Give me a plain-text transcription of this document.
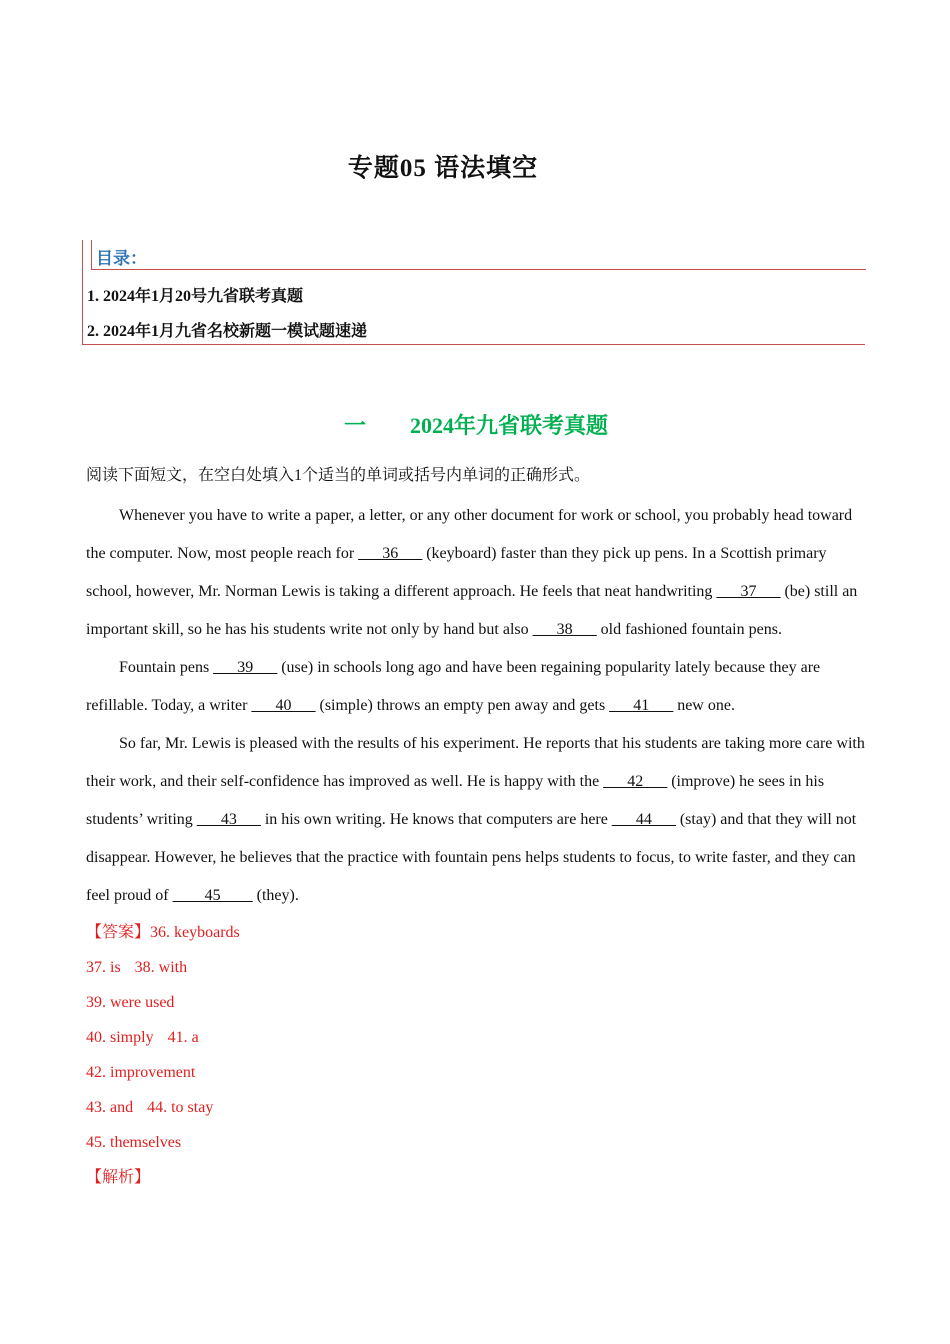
专题05 语法填空
目录：
1. 2024年1月20号九省联考真题
2. 2024年1月九省名校新题一模试题速递
一 2024年九省联考真题

阅读下面短文，在空白处填入1个适当的单词或括号内单词的正确形式。

Whenever you have to write a paper, a letter, or any other document for work or school, you probably head toward the computer. Now, most people reach for ___36___ (keyboard) faster than they pick up pens. In a Scottish primary school, however, Mr. Norman Lewis is taking a different approach. He feels that neat handwriting ___37___ (be) still an important skill, so he has his students write not only by hand but also ___38___ old fashioned fountain pens.

Fountain pens ___39___ (use) in schools long ago and have been regaining popularity lately because they are refillable. Today, a writer ___40___ (simple) throws an empty pen away and gets ___41___ new one.

So far, Mr. Lewis is pleased with the results of his experiment. He reports that his students are taking more care with their work, and their self-confidence has improved as well. He is happy with the ___42___ (improve) he sees in his students’ writing ___43___ in his own writing. He knows that computers are here ___44___ (stay) and that they will not disappear. However, he believes that the practice with fountain pens helps students to focus, to write faster, and they can feel proud of ____45____ (they).

【答案】36. keyboards

37. is 38. with

39. were used

40. simply 41. a

42. improvement

43. and 44. to stay

45. themselves

【解析】
